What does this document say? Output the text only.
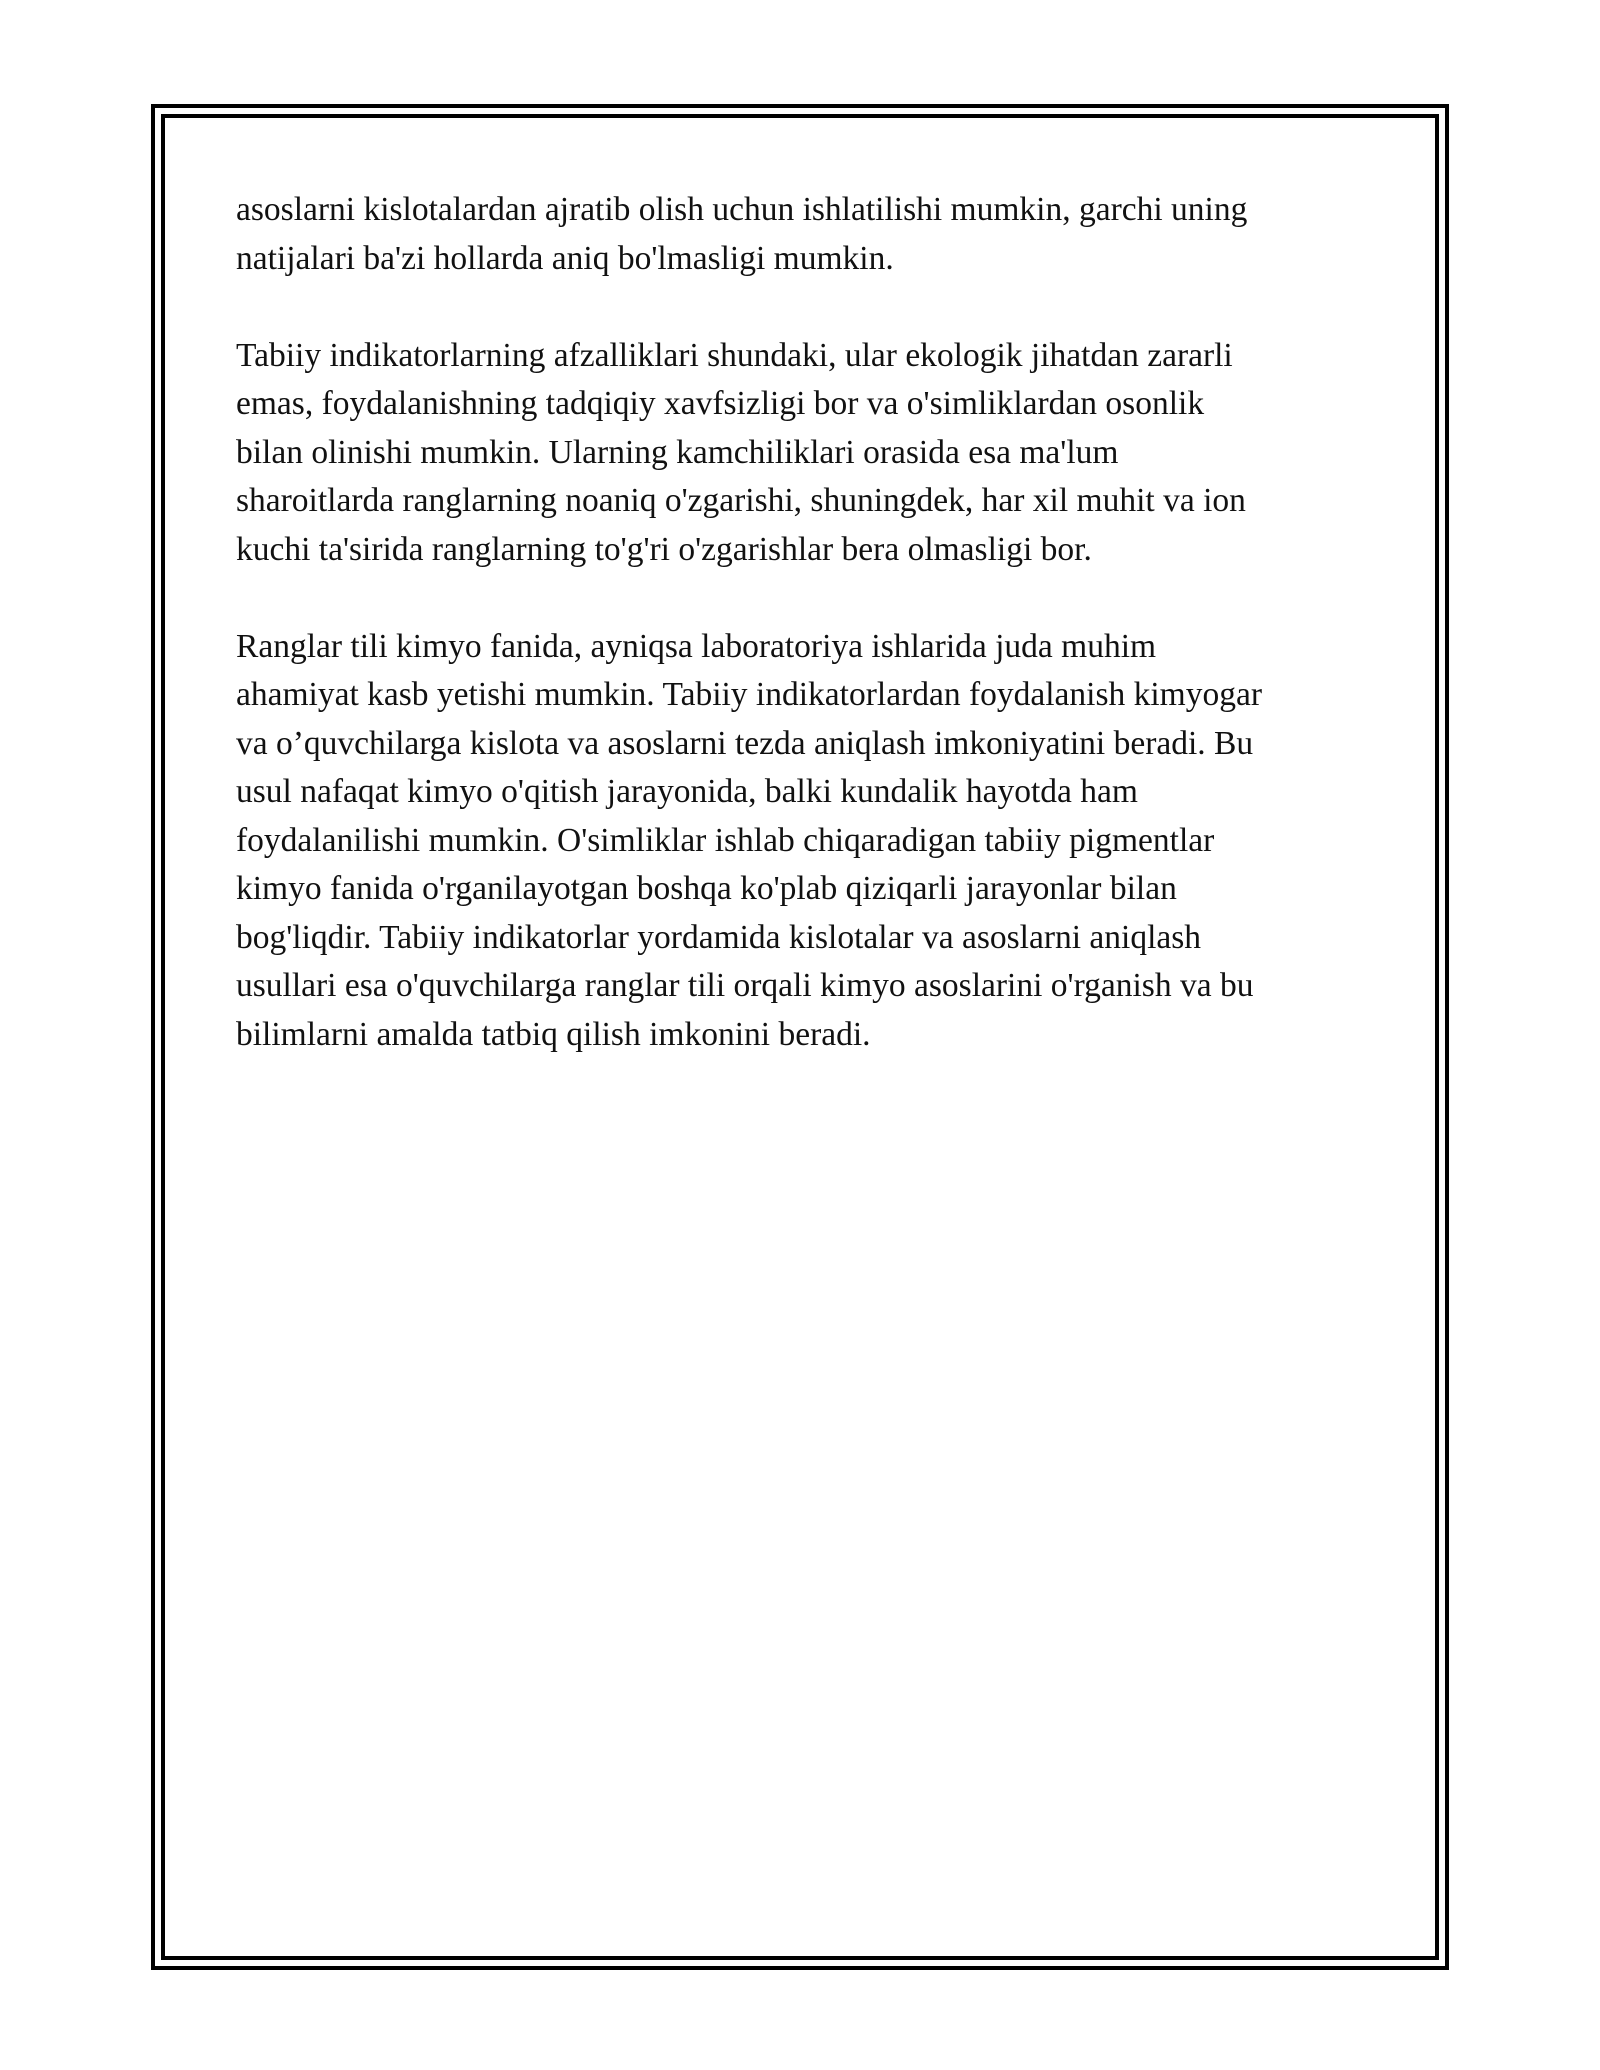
asoslarni kislotalardan ajratib olish uchun ishlatilishi mumkin, garchi uning
natijalari ba'zi hollarda aniq bo'lmasligi mumkin.

Tabiiy indikatorlarning afzalliklari shundaki, ular ekologik jihatdan zararli
emas, foydalanishning tadqiqiy xavfsizligi bor va o'simliklardan osonlik
bilan olinishi mumkin. Ularning kamchiliklari orasida esa ma'lum
sharoitlarda ranglarning noaniq o'zgarishi, shuningdek, har xil muhit va ion
kuchi ta'sirida ranglarning to'g'ri o'zgarishlar bera olmasligi bor.

Ranglar tili kimyo fanida, ayniqsa laboratoriya ishlarida juda muhim
ahamiyat kasb yetishi mumkin. Tabiiy indikatorlardan foydalanish kimyogar
va o’quvchilarga kislota va asoslarni tezda aniqlash imkoniyatini beradi. Bu
usul nafaqat kimyo o'qitish jarayonida, balki kundalik hayotda ham
foydalanilishi mumkin. O'simliklar ishlab chiqaradigan tabiiy pigmentlar
kimyo fanida o'rganilayotgan boshqa ko'plab qiziqarli jarayonlar bilan
bog'liqdir. Tabiiy indikatorlar yordamida kislotalar va asoslarni aniqlash
usullari esa o'quvchilarga ranglar tili orqali kimyo asoslarini o'rganish va bu
bilimlarni amalda tatbiq qilish imkonini beradi.
